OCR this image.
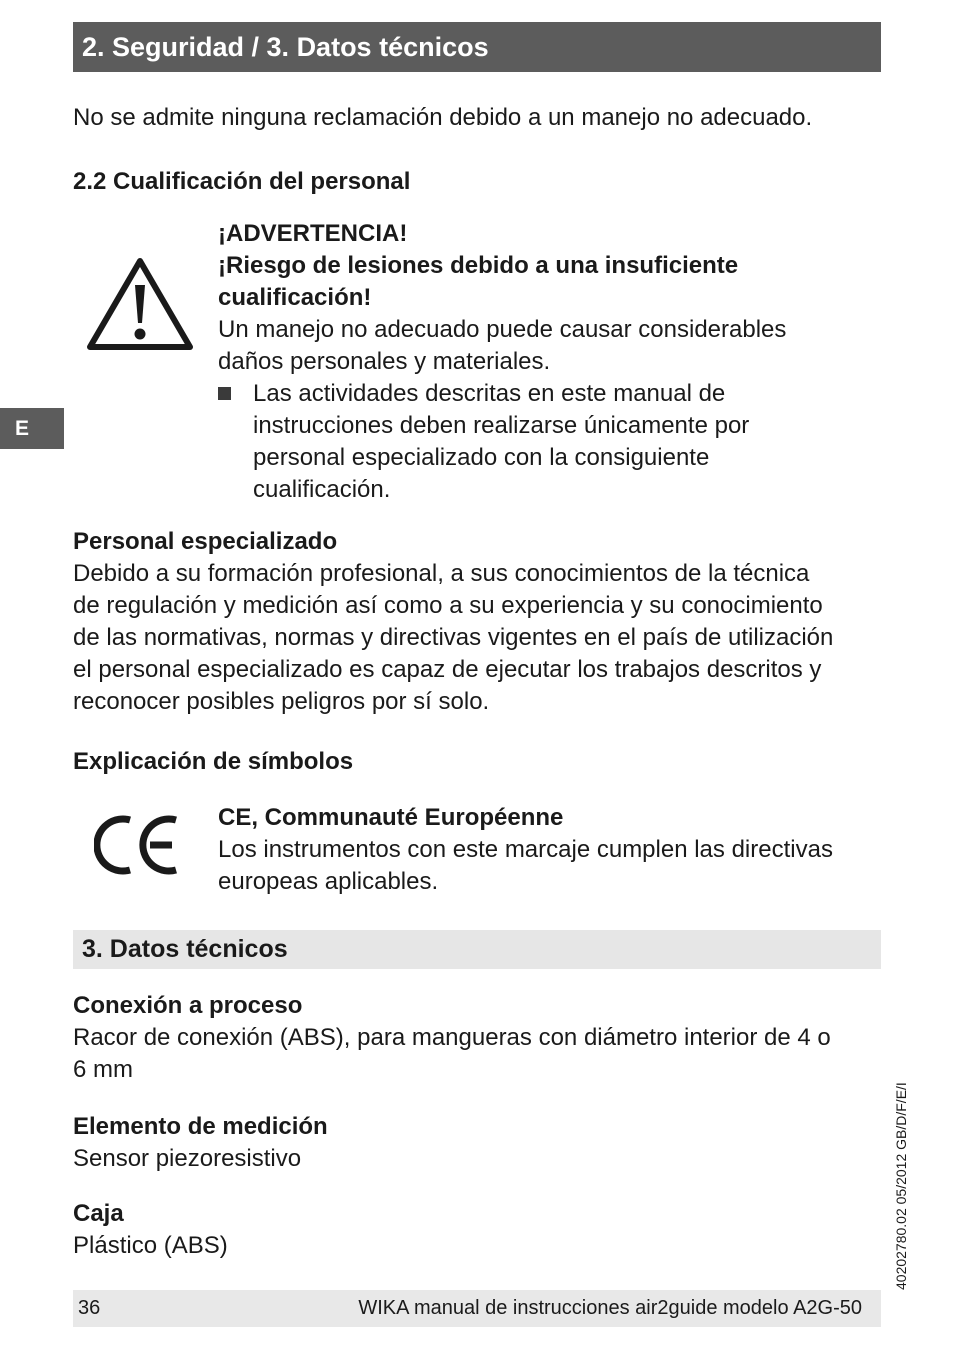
2. Seguridad / 3. Datos técnicos

No se admite ninguna reclamación debido a un manejo no adecuado.

2.2 Cualificación del personal

¡ADVERTENCIA!

¡Riesgo de lesiones debido a una insuficiente

cualificación!

Un manejo no adecuado puede causar considerables

daños personales y materiales.

Las actividades descritas en este manual de

instrucciones deben realizarse únicamente por

personal especializado con la consiguiente

cualificación.

E

Personal especializado

Debido a su formación profesional, a sus conocimientos de la técnica

de regulación y medición así como a su experiencia y su conocimiento

de las normativas, normas y directivas vigentes en el país de utilización

el personal especializado es capaz de ejecutar los trabajos descritos y

reconocer posibles peligros por sí solo.

Explicación de símbolos

CE, Communauté Européenne

Los instrumentos con este marcaje cumplen las directivas

europeas aplicables.

3. Datos técnicos

Conexión a proceso

Racor de conexión (ABS), para mangueras con diámetro interior de 4 o

6 mm

Elemento de medición

Sensor piezoresistivo

Caja

Plástico (ABS)

36	WIKA manual de instrucciones air2guide modelo A2G-50
40202780.02 05/2012 GB/D/F/E/I
